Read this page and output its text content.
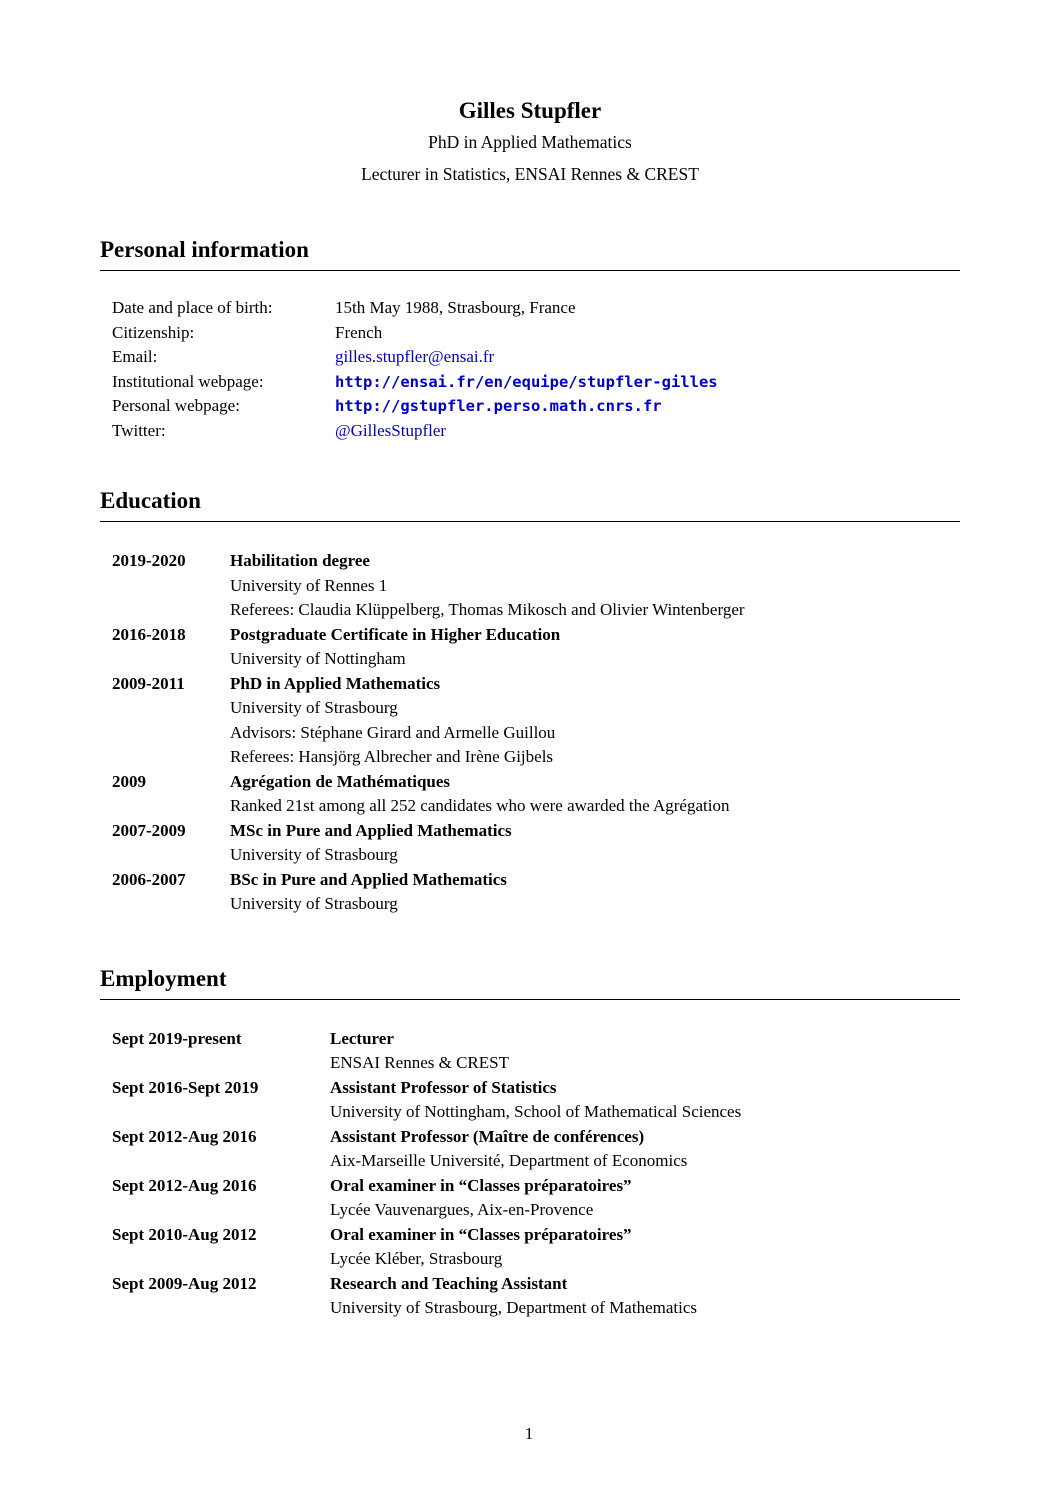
Gilles Stupfler
PhD in Applied Mathematics
Lecturer in Statistics, ENSAI Rennes & CREST
Personal information
Date and place of birth:	15th May 1988, Strasbourg, France
Citizenship:	French
Email:	gilles.stupfler@ensai.fr
Institutional webpage:	http://ensai.fr/en/equipe/stupfler-gilles
Personal webpage:	http://gstupfler.perso.math.cnrs.fr
Twitter:	@GillesStupfler
Education
2019-2020	Habilitation degree
University of Rennes 1
Referees: Claudia Klüppelberg, Thomas Mikosch and Olivier Wintenberger
2016-2018	Postgraduate Certificate in Higher Education
University of Nottingham
2009-2011	PhD in Applied Mathematics
University of Strasbourg
Advisors: Stéphane Girard and Armelle Guillou
Referees: Hansjörg Albrecher and Irène Gijbels
2009	Agrégation de Mathématiques
Ranked 21st among all 252 candidates who were awarded the Agrégation
2007-2009	MSc in Pure and Applied Mathematics
University of Strasbourg
2006-2007	BSc in Pure and Applied Mathematics
University of Strasbourg
Employment
Sept 2019-present	Lecturer
ENSAI Rennes & CREST
Sept 2016-Sept 2019	Assistant Professor of Statistics
University of Nottingham, School of Mathematical Sciences
Sept 2012-Aug 2016	Assistant Professor (Maître de conférences)
Aix-Marseille Université, Department of Economics
Sept 2012-Aug 2016	Oral examiner in “Classes préparatoires”
Lycée Vauvenargues, Aix-en-Provence
Sept 2010-Aug 2012	Oral examiner in “Classes préparatoires”
Lycée Kléber, Strasbourg
Sept 2009-Aug 2012	Research and Teaching Assistant
University of Strasbourg, Department of Mathematics
1
